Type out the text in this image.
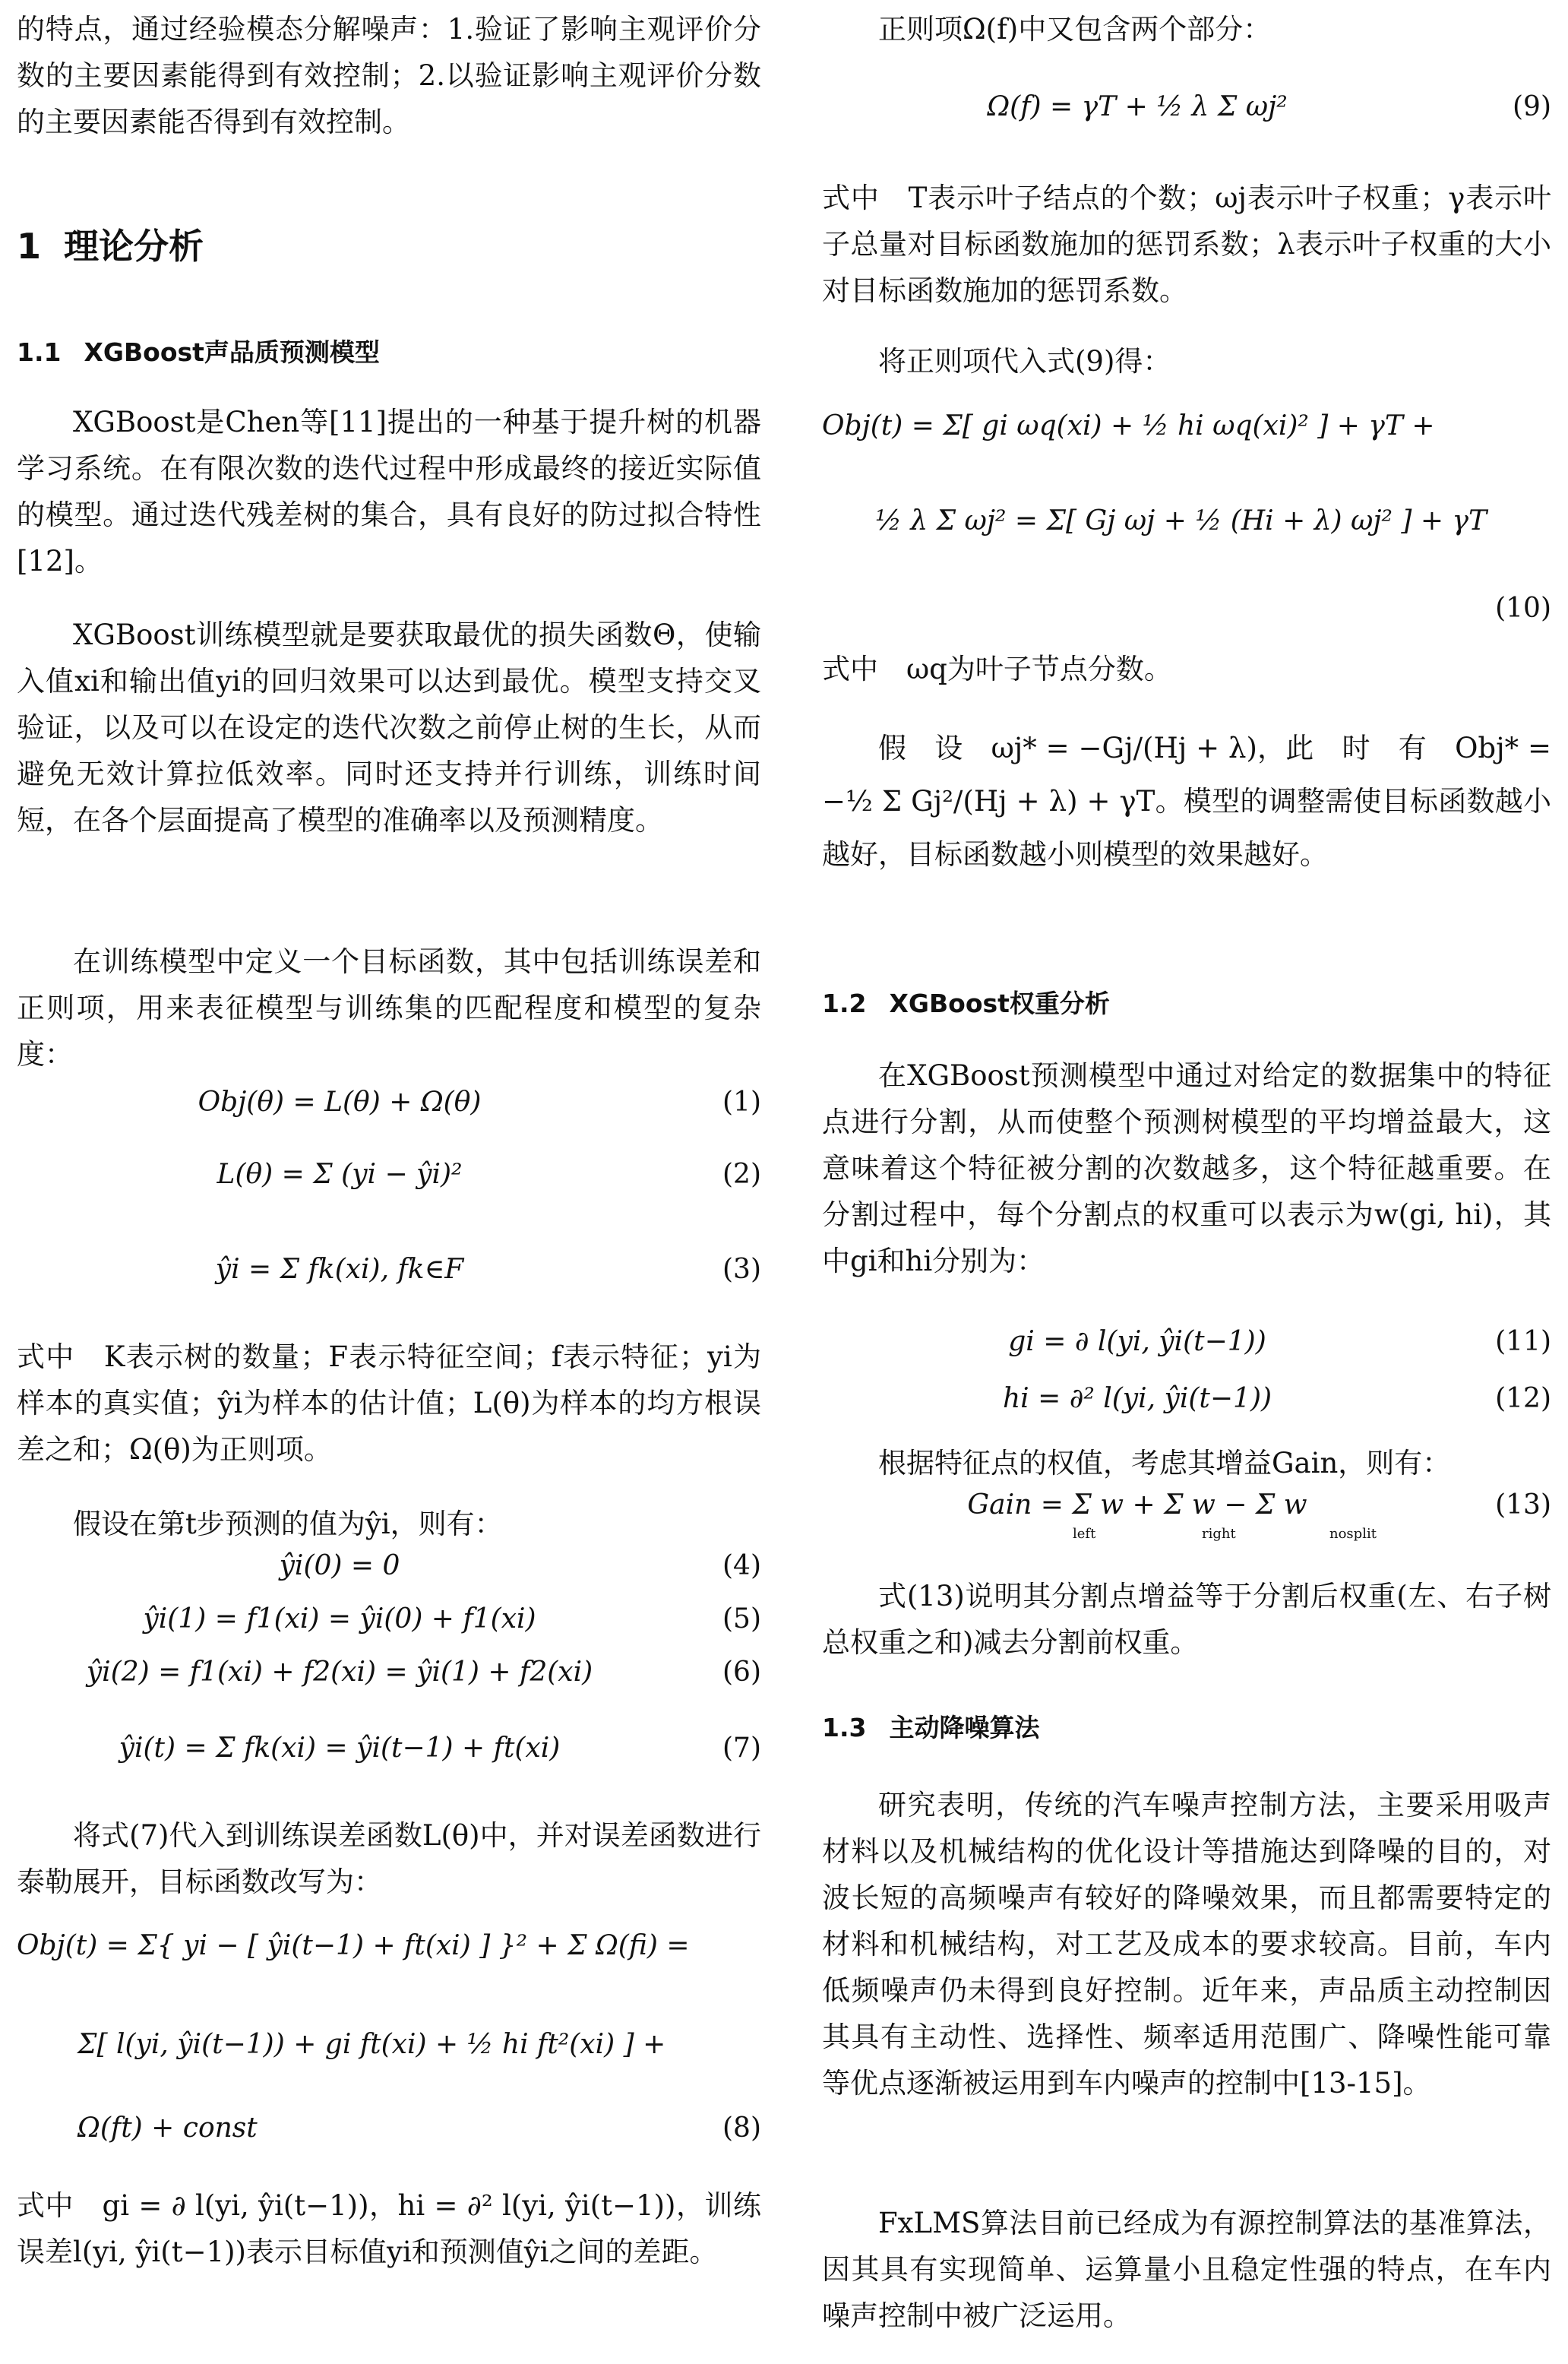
的特点，通过经验模态分解噪声：1.验证了影响主观评价分数的主要因素能得到有效控制；2.以验证影响主观评价分数的主要因素能否得到有效控制。

1 理论分析
1.1 XGBoost声品质预测模型

XGBoost是Chen等[11]提出的一种基于提升树的机器学习系统。在有限次数的迭代过程中形成最终的接近实际值的模型。通过迭代残差树的集合，具有良好的防过拟合特性[12]。

XGBoost训练模型就是要获取最优的损失函数Θ，使输入值xi和输出值yi的回归效果可以达到最优。模型支持交叉验证，以及可以在设定的迭代次数之前停止树的生长，从而避免无效计算拉低效率。同时还支持并行训练，训练时间短，在各个层面提高了模型的准确率以及预测精度。

在训练模型中定义一个目标函数，其中包括训练误差和正则项，用来表征模型与训练集的匹配程度和模型的复杂度：

Obj(θ) = L(θ) + Ω(θ)	(1)
L(θ) = Σ (yi − ŷi)²	(2)
ŷi = Σ fk(xi), fk∈F	(3)

式中　K表示树的数量；F表示特征空间；f表示特征；yi为样本的真实值；ŷi为样本的估计值；L(θ)为样本的均方根误差之和；Ω(θ)为正则项。

假设在第t步预测的值为ŷi，则有：

ŷi(0) = 0	(4)
ŷi(1) = f1(xi) = ŷi(0) + f1(xi)	(5)
ŷi(2) = f1(xi) + f2(xi) = ŷi(1) + f2(xi)	(6)
ŷi(t) = Σ fk(xi) = ŷi(t−1) + ft(xi)	(7)

将式(7)代入到训练误差函数L(θ)中，并对误差函数进行泰勒展开，目标函数改写为：

Obj(t) = Σ{ yi − [ ŷi(t−1) + ft(xi) ] }² + Σ Ω(fi) =
Σ[ l(yi, ŷi(t−1)) + gi ft(xi) + ½ hi ft²(xi) ] +
Ω(ft) + const	(8)

式中　gi = ∂ l(yi, ŷi(t−1))，hi = ∂² l(yi, ŷi(t−1))，训练误差l(yi, ŷi(t−1))表示目标值yi和预测值ŷi之间的差距。

正则项Ω(f)中又包含两个部分：

Ω(f) = γT + ½ λ Σ ωj²	(9)

式中　T表示叶子结点的个数；ωj表示叶子权重；γ表示叶子总量对目标函数施加的惩罚系数；λ表示叶子权重的大小对目标函数施加的惩罚系数。

将正则项代入式(9)得：

Obj(t) = Σ[ gi ωq(xi) + ½ hi ωq(xi)² ] + γT +
½ λ Σ ωj² = Σ[ Gj ωj + ½ (Hi + λ) ωj² ] + γT
(10)

式中　ωq为叶子节点分数。

假　设　ωj* = −Gj/(Hj + λ)，此　时　有　Obj* = −½ Σ Gj²/(Hj + λ) + γT。模型的调整需使目标函数越小越好，目标函数越小则模型的效果越好。

1.2 XGBoost权重分析

在XGBoost预测模型中通过对给定的数据集中的特征点进行分割，从而使整个预测树模型的平均增益最大，这意味着这个特征被分割的次数越多，这个特征越重要。在分割过程中，每个分割点的权重可以表示为w(gi, hi)，其中gi和hi分别为：

gi = ∂ l(yi, ŷi(t−1))	(11)
hi = ∂² l(yi, ŷi(t−1))	(12)

根据特征点的权值，考虑其增益Gain，则有：

Gain = Σ w + Σ w − Σ w	(13)
left	right	nosplit

式(13)说明其分割点增益等于分割后权重(左、右子树总权重之和)减去分割前权重。

1.3 主动降噪算法

研究表明，传统的汽车噪声控制方法，主要采用吸声材料以及机械结构的优化设计等措施达到降噪的目的，对波长短的高频噪声有较好的降噪效果，而且都需要特定的材料和机械结构，对工艺及成本的要求较高。目前，车内低频噪声仍未得到良好控制。近年来，声品质主动控制因其具有主动性、选择性、频率适用范围广、降噪性能可靠等优点逐渐被运用到车内噪声的控制中[13-15]。

FxLMS算法目前已经成为有源控制算法的基准算法，因其具有实现简单、运算量小且稳定性强的特点，在车内噪声控制中被广泛运用。
